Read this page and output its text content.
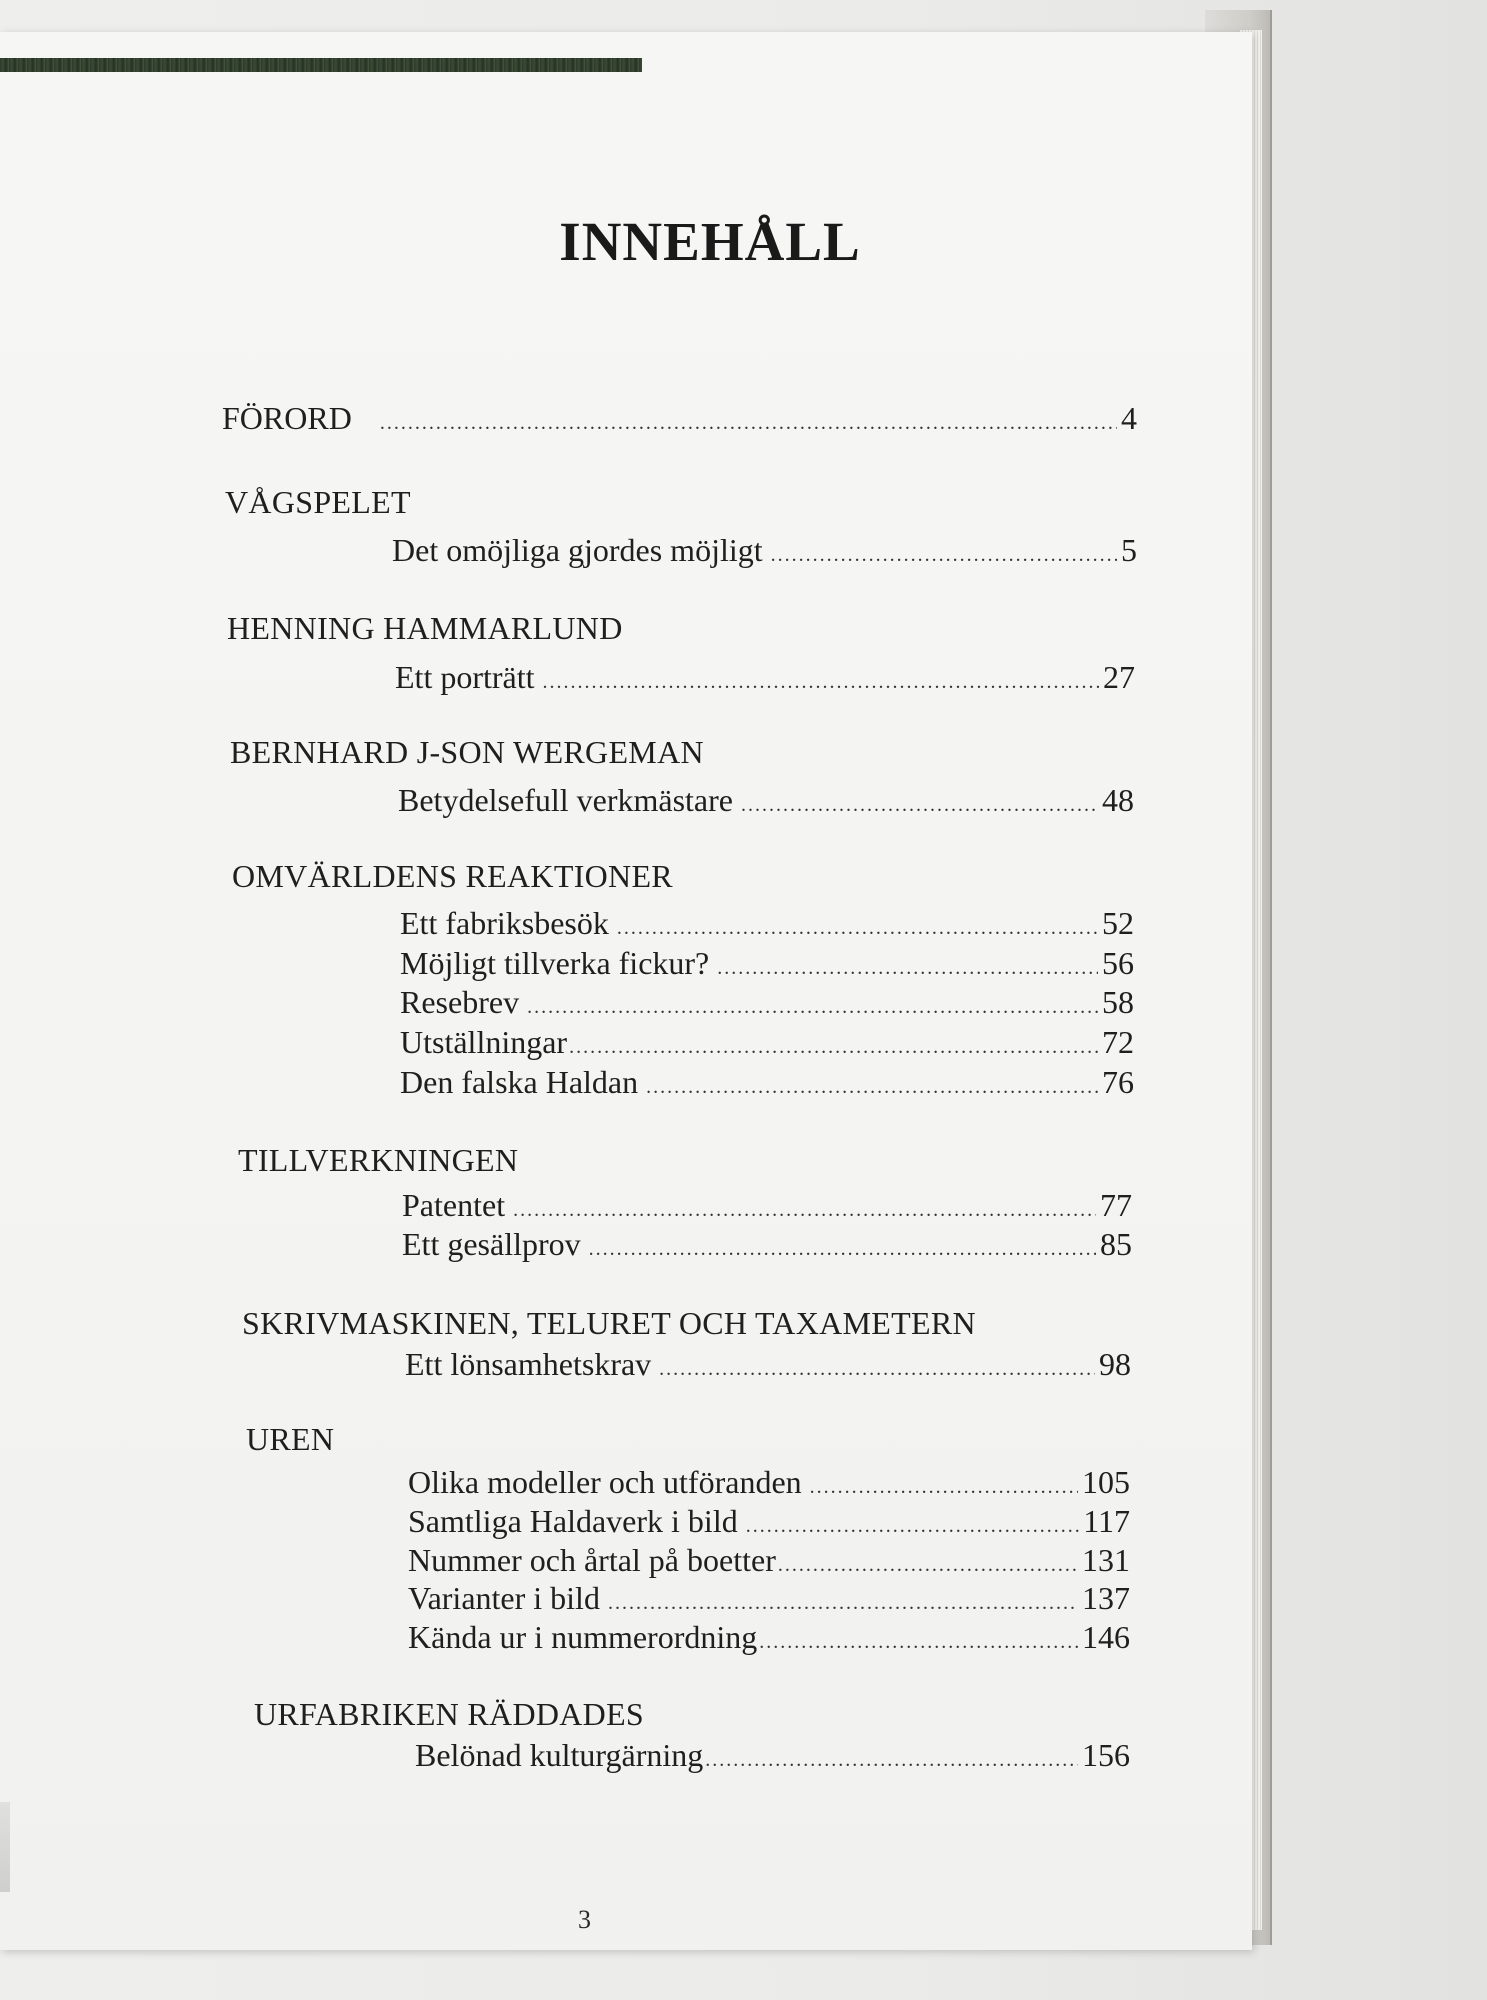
INNEHÅLL
FÖRORD .....	4
VÅGSPELET
Det omöjliga gjordes möjligt .....	5
HENNING HAMMARLUND
Ett porträtt .....	27
BERNHARD J-SON WERGEMAN
Betydelsefull verkmästare .....	48
OMVÄRLDENS REAKTIONER
Ett fabriksbesök .....	52
Möjligt tillverka fickur? .....	56
Resebrev .....	58
Utställningar .....	72
Den falska Haldan .....	76
TILLVERKNINGEN
Patentet .....	77
Ett gesällprov .....	85
SKRIVMASKINEN, TELURET OCH TAXAMETERN
Ett lönsamhetskrav .....	98
UREN
Olika modeller och utföranden .....	105
Samtliga Haldaverk i bild .....	117
Nummer och årtal på boetter .....	131
Varianter i bild .....	137
Kända ur i nummerordning .....	146
URFABRIKEN RÄDDADES
Belönad kulturgärning .....	156
3
